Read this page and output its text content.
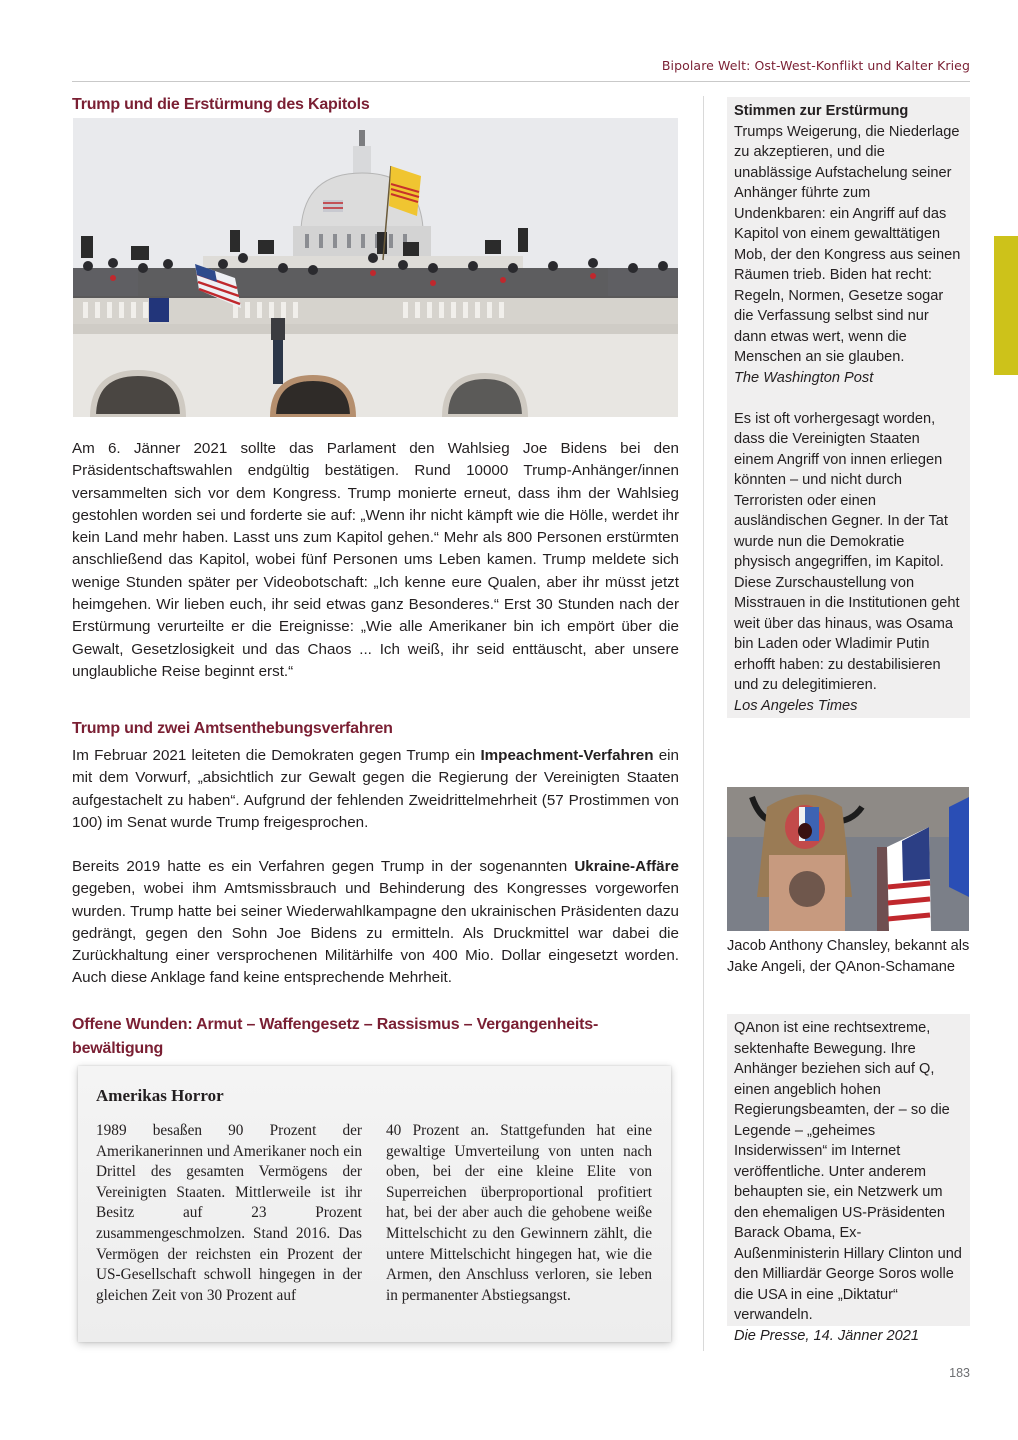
Bipolare Welt: Ost-West-Konflikt und Kalter Krieg
Trump und die Erstürmung des Kapitols

Am 6. Jänner 2021 sollte das Parlament den Wahlsieg Joe Bidens bei den Präsidentschaftswahlen endgültig bestätigen. Rund 10000 Trump-Anhänger/innen versammelten sich vor dem Kongress. Trump monierte erneut, dass ihm der Wahlsieg gestohlen worden sei und forderte sie auf: „Wenn ihr nicht kämpft wie die Hölle, werdet ihr kein Land mehr haben. Lasst uns zum Kapitol gehen.“ Mehr als 800 Personen erstürmten anschließend das Kapitol, wobei fünf Personen ums Leben kamen. Trump meldete sich wenige Stunden später per Videobotschaft: „Ich kenne eure Qualen, aber ihr müsst jetzt heimgehen. Wir lieben euch, ihr seid etwas ganz Besonderes.“ Erst 30 Stunden nach der Erstürmung verurteilte er die Ereignisse: „Wie alle Amerikaner bin ich empört über die Gewalt, Gesetzlosigkeit und das Chaos ... Ich weiß, ihr seid enttäuscht, aber unsere unglaubliche Reise beginnt erst.“

Trump und zwei Amtsenthebungsverfahren

Im Februar 2021 leiteten die Demokraten gegen Trump ein Impeachment-Verfahren ein mit dem Vorwurf, „absichtlich zur Gewalt gegen die Regierung der Vereinigten Staaten aufgestachelt zu haben“. Aufgrund der fehlenden Zweidrittelmehrheit (57 Prostimmen von 100) im Senat wurde Trump freigesprochen.

Bereits 2019 hatte es ein Verfahren gegen Trump in der sogenannten Ukraine-Affäre gegeben, wobei ihm Amtsmissbrauch und Behinderung des Kongresses vorgeworfen wurden. Trump hatte bei seiner Wiederwahlkampagne den ukrainischen Präsidenten dazu gedrängt, gegen den Sohn Joe Bidens zu ermitteln. Als Druckmittel war dabei die Zurückhaltung einer versprochenen Militärhilfe von 400 Mio. Dollar eingesetzt worden. Auch diese Anklage fand keine entsprechende Mehrheit.

Offene Wunden: Armut – Waffengesetz – Rassismus – Vergangenheits-
bewältigung
Amerikas Horror
1989 besaßen 90 Prozent der Amerikanerinnen und Amerikaner noch ein Drittel des gesamten Vermögens der Vereinigten Staaten. Mittlerweile ist ihr Besitz auf 23 Prozent zusammengeschmolzen. Stand 2016. Das Vermögen der reichsten ein Prozent der US-Gesellschaft schwoll hingegen in der gleichen Zeit von 30 Prozent auf
40 Prozent an. Stattgefunden hat eine gewaltige Umverteilung von unten nach oben, bei der eine kleine Elite von Superreichen überproportional profitiert hat, bei der aber auch die gehobene weiße Mittelschicht zu den Gewinnern zählt, die untere Mittelschicht hingegen hat, wie die Armen, den Anschluss verloren, sie leben in permanenter Abstiegsangst.
Stimmen zur Erstürmung
Trumps Weigerung, die Niederlage zu akzeptieren, und die unablässige Aufstachelung seiner Anhänger führte zum Undenkbaren: ein Angriff auf das Kapitol von einem gewalttätigen Mob, der den Kongress aus seinen Räumen trieb. Biden hat recht: Regeln, Normen, Gesetze sogar die Verfassung selbst sind nur dann etwas wert, wenn die Menschen an sie glauben.
The Washington Post
Es ist oft vorhergesagt worden, dass die Vereinigten Staaten einem Angriff von innen erliegen könnten – und nicht durch Terroristen oder einen ausländischen Gegner. In der Tat wurde nun die Demokratie physisch angegriffen, im Kapitol. Diese Zurschaustellung von Misstrauen in die Institutionen geht weit über das hinaus, was Osama bin Laden oder Wladimir Putin erhofft haben: zu destabilisieren und zu delegitimieren.
Los Angeles Times
Jacob Anthony Chansley, bekannt als Jake Angeli, der QAnon-Schamane
QAnon ist eine rechtsextreme, sektenhafte Bewegung. Ihre Anhänger beziehen sich auf Q, einen angeblich hohen Regierungsbeamten, der – so die Legende – „geheimes Insiderwissen“ im Internet veröffentliche. Unter anderem behaupten sie, ein Netzwerk um den ehemaligen US-Präsidenten Barack Obama, Ex-Außenministerin Hillary Clinton und den Milliardär George Soros wolle die USA in eine „Diktatur“ verwandeln.
Die Presse, 14. Jänner 2021
183
